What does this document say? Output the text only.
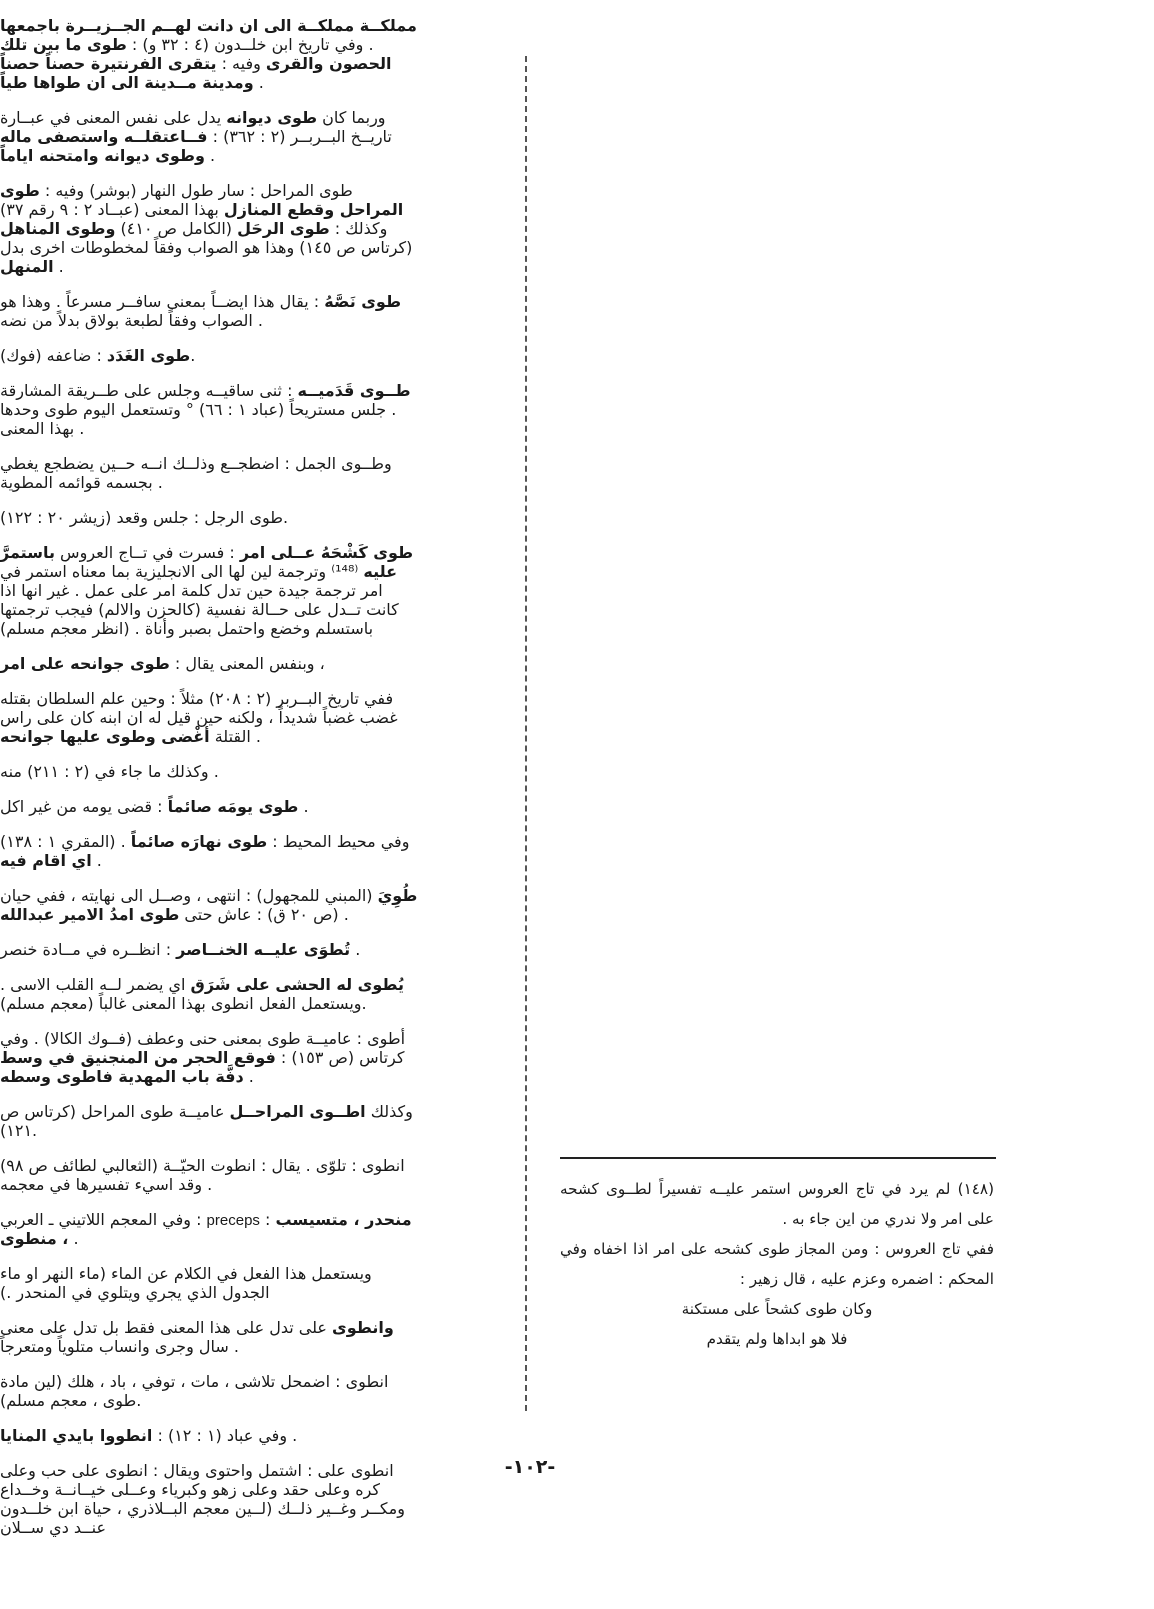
مملكــة مملكــة الى ان دانت لهــم الجــزيــرة باجمعها . وفي تاريخ ابن خلــدون (٤ : ٣٢ و) : طوى ما بين تلك الحصون والقرى وفيه : يتقرى الفرنتيرة حصناً حصناً ومدينة مــدينة الى ان طواها طياً .

وربما كان طوى ديوانه يدل على نفس المعنى في عبــارة تاريــخ البــربــر (٢ : ٣٦٢) : فــاعتقلــه واستصفى ماله وطوى ديوانه وامتحنه اياماً .

طوى المراحل : سار طول النهار (بوشر) وفيه : طوى المراحل وقطع المنازل بهذا المعنى (عبــاد ٢ : ٩ رقم ٣٧) وكذلك : طوى الرحَل (الكامل ص ٤١٠) وطوى المناهل (كرتاس ص ١٤٥) وهذا هو الصواب وفقاً لمخطوطات اخرى بدل المنهل .

طوى نَصَّهُ : يقال هذا ايضــاً بمعنى سافــر مسرعاً . وهذا هو الصواب وفقاً لطبعة بولاق بدلاً من نضه .

طوى الغَدَد : ضاعفه (فوك).

طــوى قَدَميــه : ثنى ساقيــه وجلس على طــريقة المشارقة . جلس مستريحاً (عباد ١ : ٦٦) ° وتستعمل اليوم طوى وحدها بهذا المعنى .

وطــوى الجمل : اضطجــع وذلــك انــه حــين يضطجع يغطي بجسمه قوائمه المطوية .

طوى الرجل : جلس وقعد (زيشر ٢٠ : ١٢٢).

طوى كَشْحَهُ عــلى امر : فسرت في تــاج العروس باستمرَّ عليه ⁽¹⁴⁸⁾ وترجمة لين لها الى الانجليزية بما معناه استمر في امر ترجمة جيدة حين تدل كلمة امر على عمل . غير انها اذا كانت تــدل على حــالة نفسية (كالحزن والالم) فيجب ترجمتها باستسلم وخضع واحتمل بصبر وأناة . (انظر معجم مسلم)

وبنفس المعنى يقال : طوى جوانحه على امر	،

(١٤٨) لم يرد في تاج العروس استمر عليــه تفسيراً لطــوى كشحه على امر ولا ندري من اين جاء به .

ففي تاج العروس : ومن المجاز طوى كشحه على امر اذا اخفاه وفي المحكم : اضمره وعزم عليه ، قال زهير :

وكان طوى كشحاً على مستكنة

فلا هو ابداها ولم يتقدم

ففي تاريخ البــربر (٢ : ٢٠٨) مثلاً : وحين علم السلطان بقتله غضب غضباً شديداً ، ولكنه حين قيل له ان ابنه كان على راس القتلة أغْضى وطوى عليها جوانحه	.

وكذلك ما جاء في (٢ : ٢١١) منه .

طوى يومَه صائماً : قضى يومه من غير اكل .

(المقري ١ : ١٣٨) . وفي محيط المحيط : طوى نهارَه صائماً اي اقام فيه .

طُوِيَ (المبني للمجهول) : انتهى ، وصــل الى نهايته ، ففي حيان (ص ٢٠ ق) : عاش حتى طوى امدُ الامير عبدالله	.

تُطوَى عليــه الخنــاصر : انظــره في مــادة خنصر .

يُطوى له الحشى على شَرَق اي يضمر لــه القلب الاسى . ويستعمل الفعل انطوى بهذا المعنى غالباً (معجم مسلم).

أطوى : عاميــة طوى بمعنى حنى وعطف (فــوك الكالا) . وفي كرتاس (ص ١٥٣) : فوقع الحجر من المنجنيق في وسط دفَّة باب المهدية فاطوى وسطه .

وكذلك اطــوى المراحــل عاميــة طوى المراحل (كرتاس ص ١٢١).

انطوى : تلوّى . يقال : انطوت الحيّــة (الثعالبي لطائف ص ٩٨) وقد اسيء تفسيرها في معجمه .

وفي المعجم اللاتيني ـ العربي : preceps : منحدر ، متسيسب ، منطوى .

ويستعمل هذا الفعل في الكلام عن الماء (ماء النهر او ماء الجدول الذي يجري ويتلوي في المنحدر .)

وانطوى على تدل على هذا المعنى فقط بل تدل على معنى سال وجرى وانساب متلوياً ومتعرجاً .

انطوى : اضمحل تلاشى ، مات ، توفي ، باد ، هلك (لين مادة طوى ، معجم مسلم).

وفي عباد (١ : ١٢) : انطووا بايدي المنايا	.

انطوى على : اشتمل واحتوى ويقال : انطوى على حب وعلى كره وعلى حقد وعلى زهو وكبرياء وعــلى خيــانــة وخــداع ومكــر وغــير ذلــك (لــين معجم البــلاذري ، حياة ابن خلــدون عنــد دي ســلان

-١٠٢-
